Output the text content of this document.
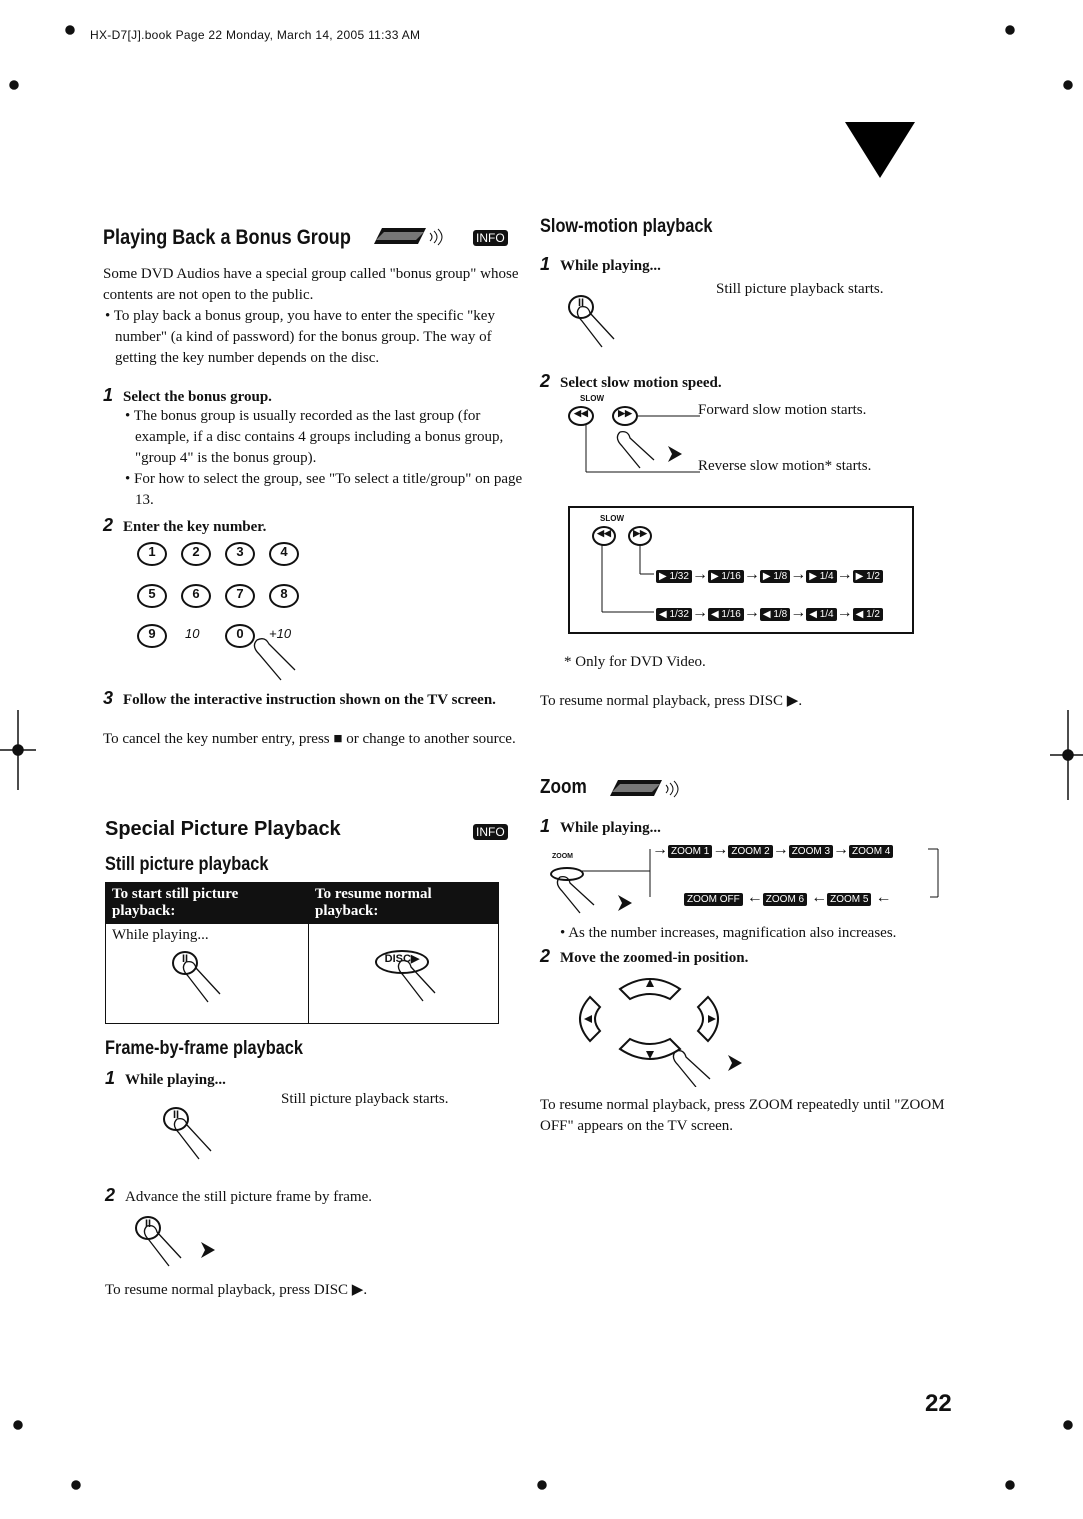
HX-D7[J].book Page 22 Monday, March 14, 2005 11:33 AM
Playing Back a Bonus Group	INFO
Some DVD Audios have a special group called "bonus group" whose contents are not open to the public.
• To play back a bonus group, you have to enter the specific "key number" (a kind of password) for the bonus group. The way of getting the key number depends on the disc.
1 Select the bonus group.
• The bonus group is usually recorded as the last group (for example, if a disc contains 4 groups including a bonus group, "group 4" is the bonus group).
• For how to select the group, see "To select a title/group" on page 13.
2 Enter the key number.
1	2	3	4
5	6	7	8
9	10	0	+10
3 Follow the interactive instruction shown on the TV screen.
To cancel the key number entry, press ■ or change to another source.
Special Picture Playback	INFO
Still picture playback
To start still picture playback:	To resume normal playback:

While playing...
II	DISC▶
Frame-by-frame playback
1 While playing...
II
Still picture playback starts.
2 Advance the still picture frame by frame.
II
To resume normal playback, press DISC ▶.
Slow-motion playback
1 While playing...
II
Still picture playback starts.
2 Select slow motion speed.
SLOW
◀◀	▶▶	Forward slow motion starts.
Reverse slow motion* starts.
SLOW
◀◀	▶▶
▶ 1/32 → ▶ 1/16 → ▶ 1/8 → ▶ 1/4 → ▶ 1/2
◀ 1/32 → ◀ 1/16 → ◀ 1/8 → ◀ 1/4 → ◀ 1/2
* Only for DVD Video.
To resume normal playback, press DISC ▶.
Zoom
1 While playing...
ZOOM	→ ZOOM 1 → ZOOM 2 → ZOOM 3 → ZOOM 4
ZOOM OFF ← ZOOM 6 ← ZOOM 5 ←
• As the number increases, magnification also increases.
2 Move the zoomed-in position.
To resume normal playback, press ZOOM repeatedly until "ZOOM OFF" appears on the TV screen.
22
